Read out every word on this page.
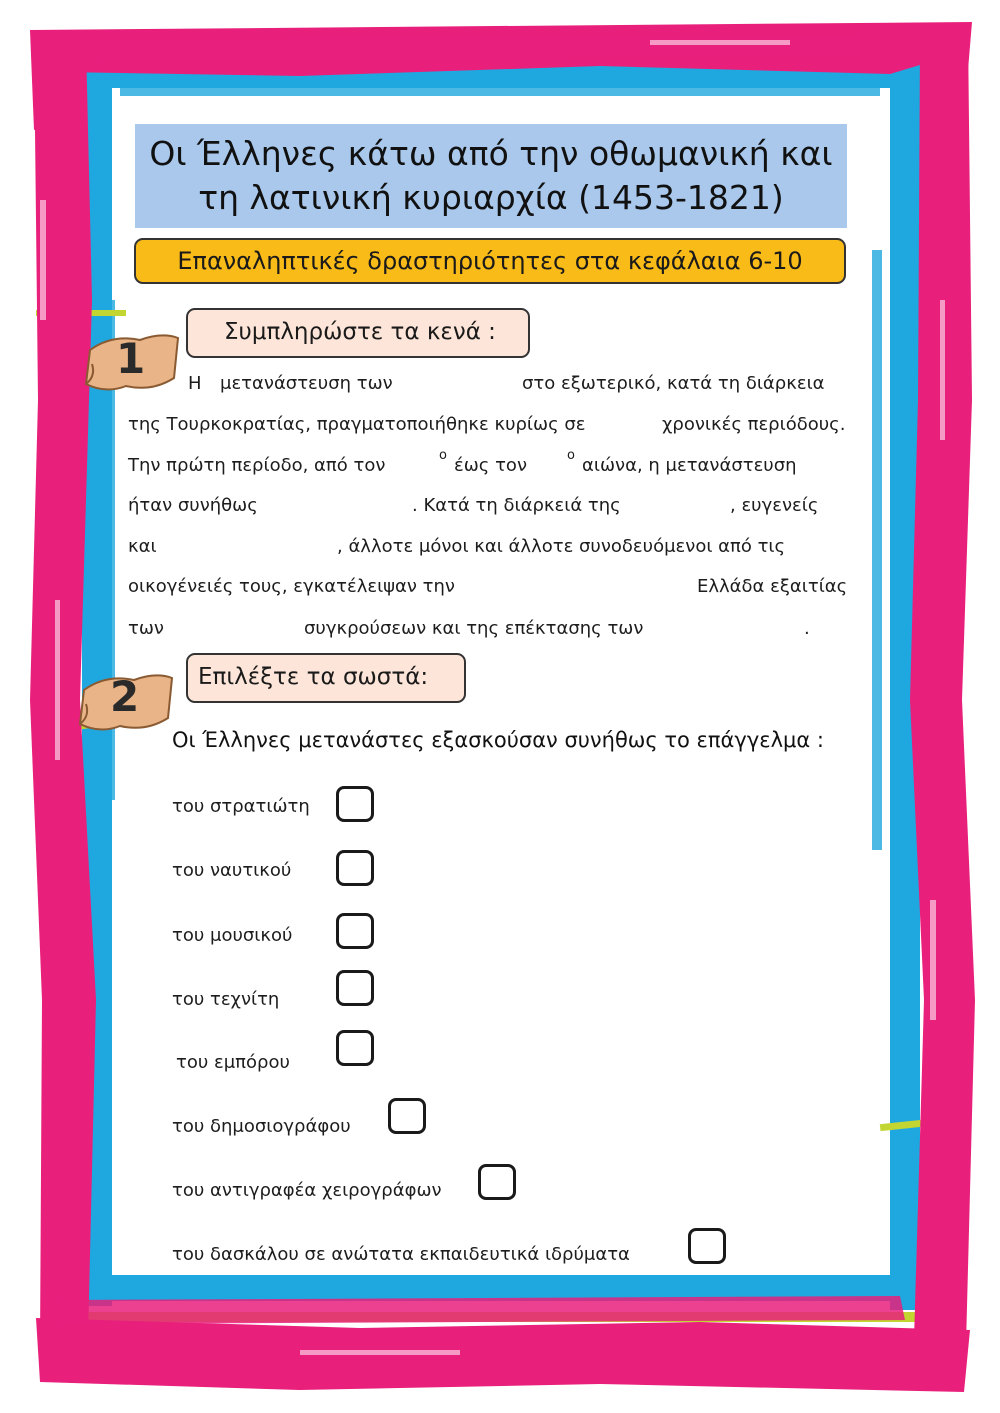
Οι Έλληνες κάτω από την οθωμανική και
τη λατινική κυριαρχία (1453-1821)
Επαναληπτικές δραστηριότητες στα κεφάλαια 6-10
1
Συμπληρώστε τα κενά :
Η μετανάστευση των	στο εξωτερικό, κατά τη διάρκεια
της Τουρκοκρατίας, πραγματοποιήθηκε κυρίως σε	χρονικές περιόδους.
Την πρώτη περίοδο, από τον	ο έως τον	ο αιώνα, η μετανάστευση
ήταν συνήθως	. Κατά τη διάρκειά της	, ευγενείς
και	, άλλοτε μόνοι και άλλοτε συνοδευόμενοι από τις
οικογένειές τους, εγκατέλειψαν την	Ελλάδα εξαιτίας
των	συγκρούσεων και της επέκτασης των	.
2	Επιλέξτε τα σωστά:
Οι Έλληνες μετανάστες εξασκούσαν συνήθως το επάγγελμα :
του στρατιώτη
του ναυτικού
του μουσικού
του τεχνίτη
του εμπόρου
του δημοσιογράφου
του αντιγραφέα χειρογράφων
του δασκάλου σε ανώτατα εκπαιδευτικά ιδρύματα
